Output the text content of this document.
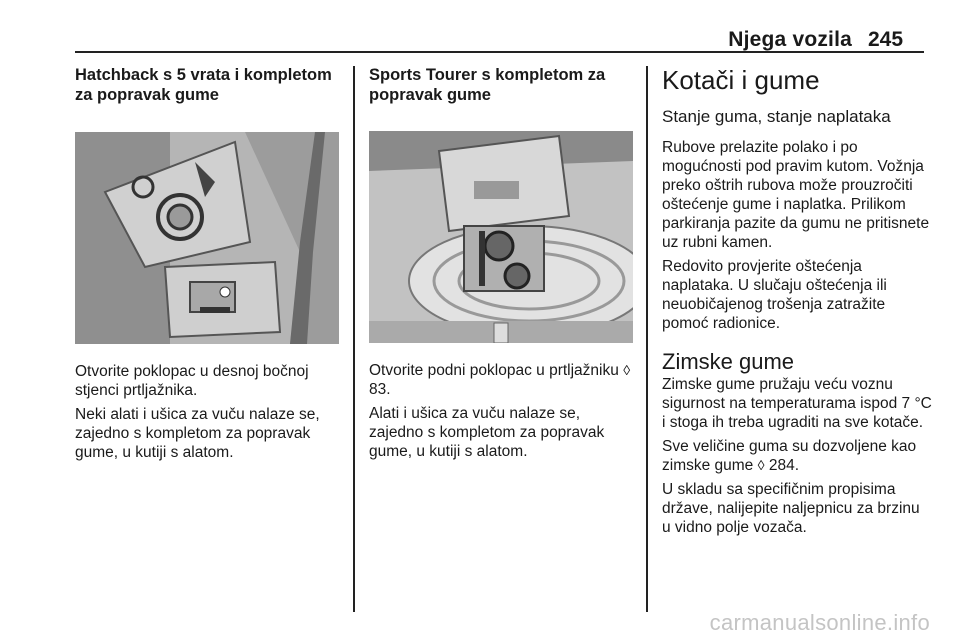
Njega vozila 245
Hatchback s 5 vrata i kompletom za popravak gume

Otvorite poklopac u desnoj bočnoj stjenci prtljažnika.

Neki alati i ušica za vuču nalaze se, zajedno s kompletom za popravak gume, u kutiji s alatom.

Sports Tourer s kompletom za popravak gume

Otvorite podni poklopac u prtljažniku ◊ 83.

Alati i ušica za vuču nalaze se, zajedno s kompletom za popravak gume, u kutiji s alatom.

Kotači i gume
Stanje guma, stanje naplataka

Rubove prelazite polako i po mogućnosti pod pravim kutom. Vožnja preko oštrih rubova može prouzročiti oštećenje gume i naplatka. Prilikom parkiranja pazite da gumu ne pritisnete uz rubni kamen.

Redovito provjerite oštećenja naplataka. U slučaju oštećenja ili neuobičajenog trošenja zatražite pomoć radionice.

Zimske gume

Zimske gume pružaju veću voznu sigurnost na temperaturama ispod 7 °C i stoga ih treba ugraditi na sve kotače.

Sve veličine guma su dozvoljene kao zimske gume ◊ 284.

U skladu sa specifičnim propisima države, nalijepite naljepnicu za brzinu u vidno polje vozača.

carmanualsonline.info
